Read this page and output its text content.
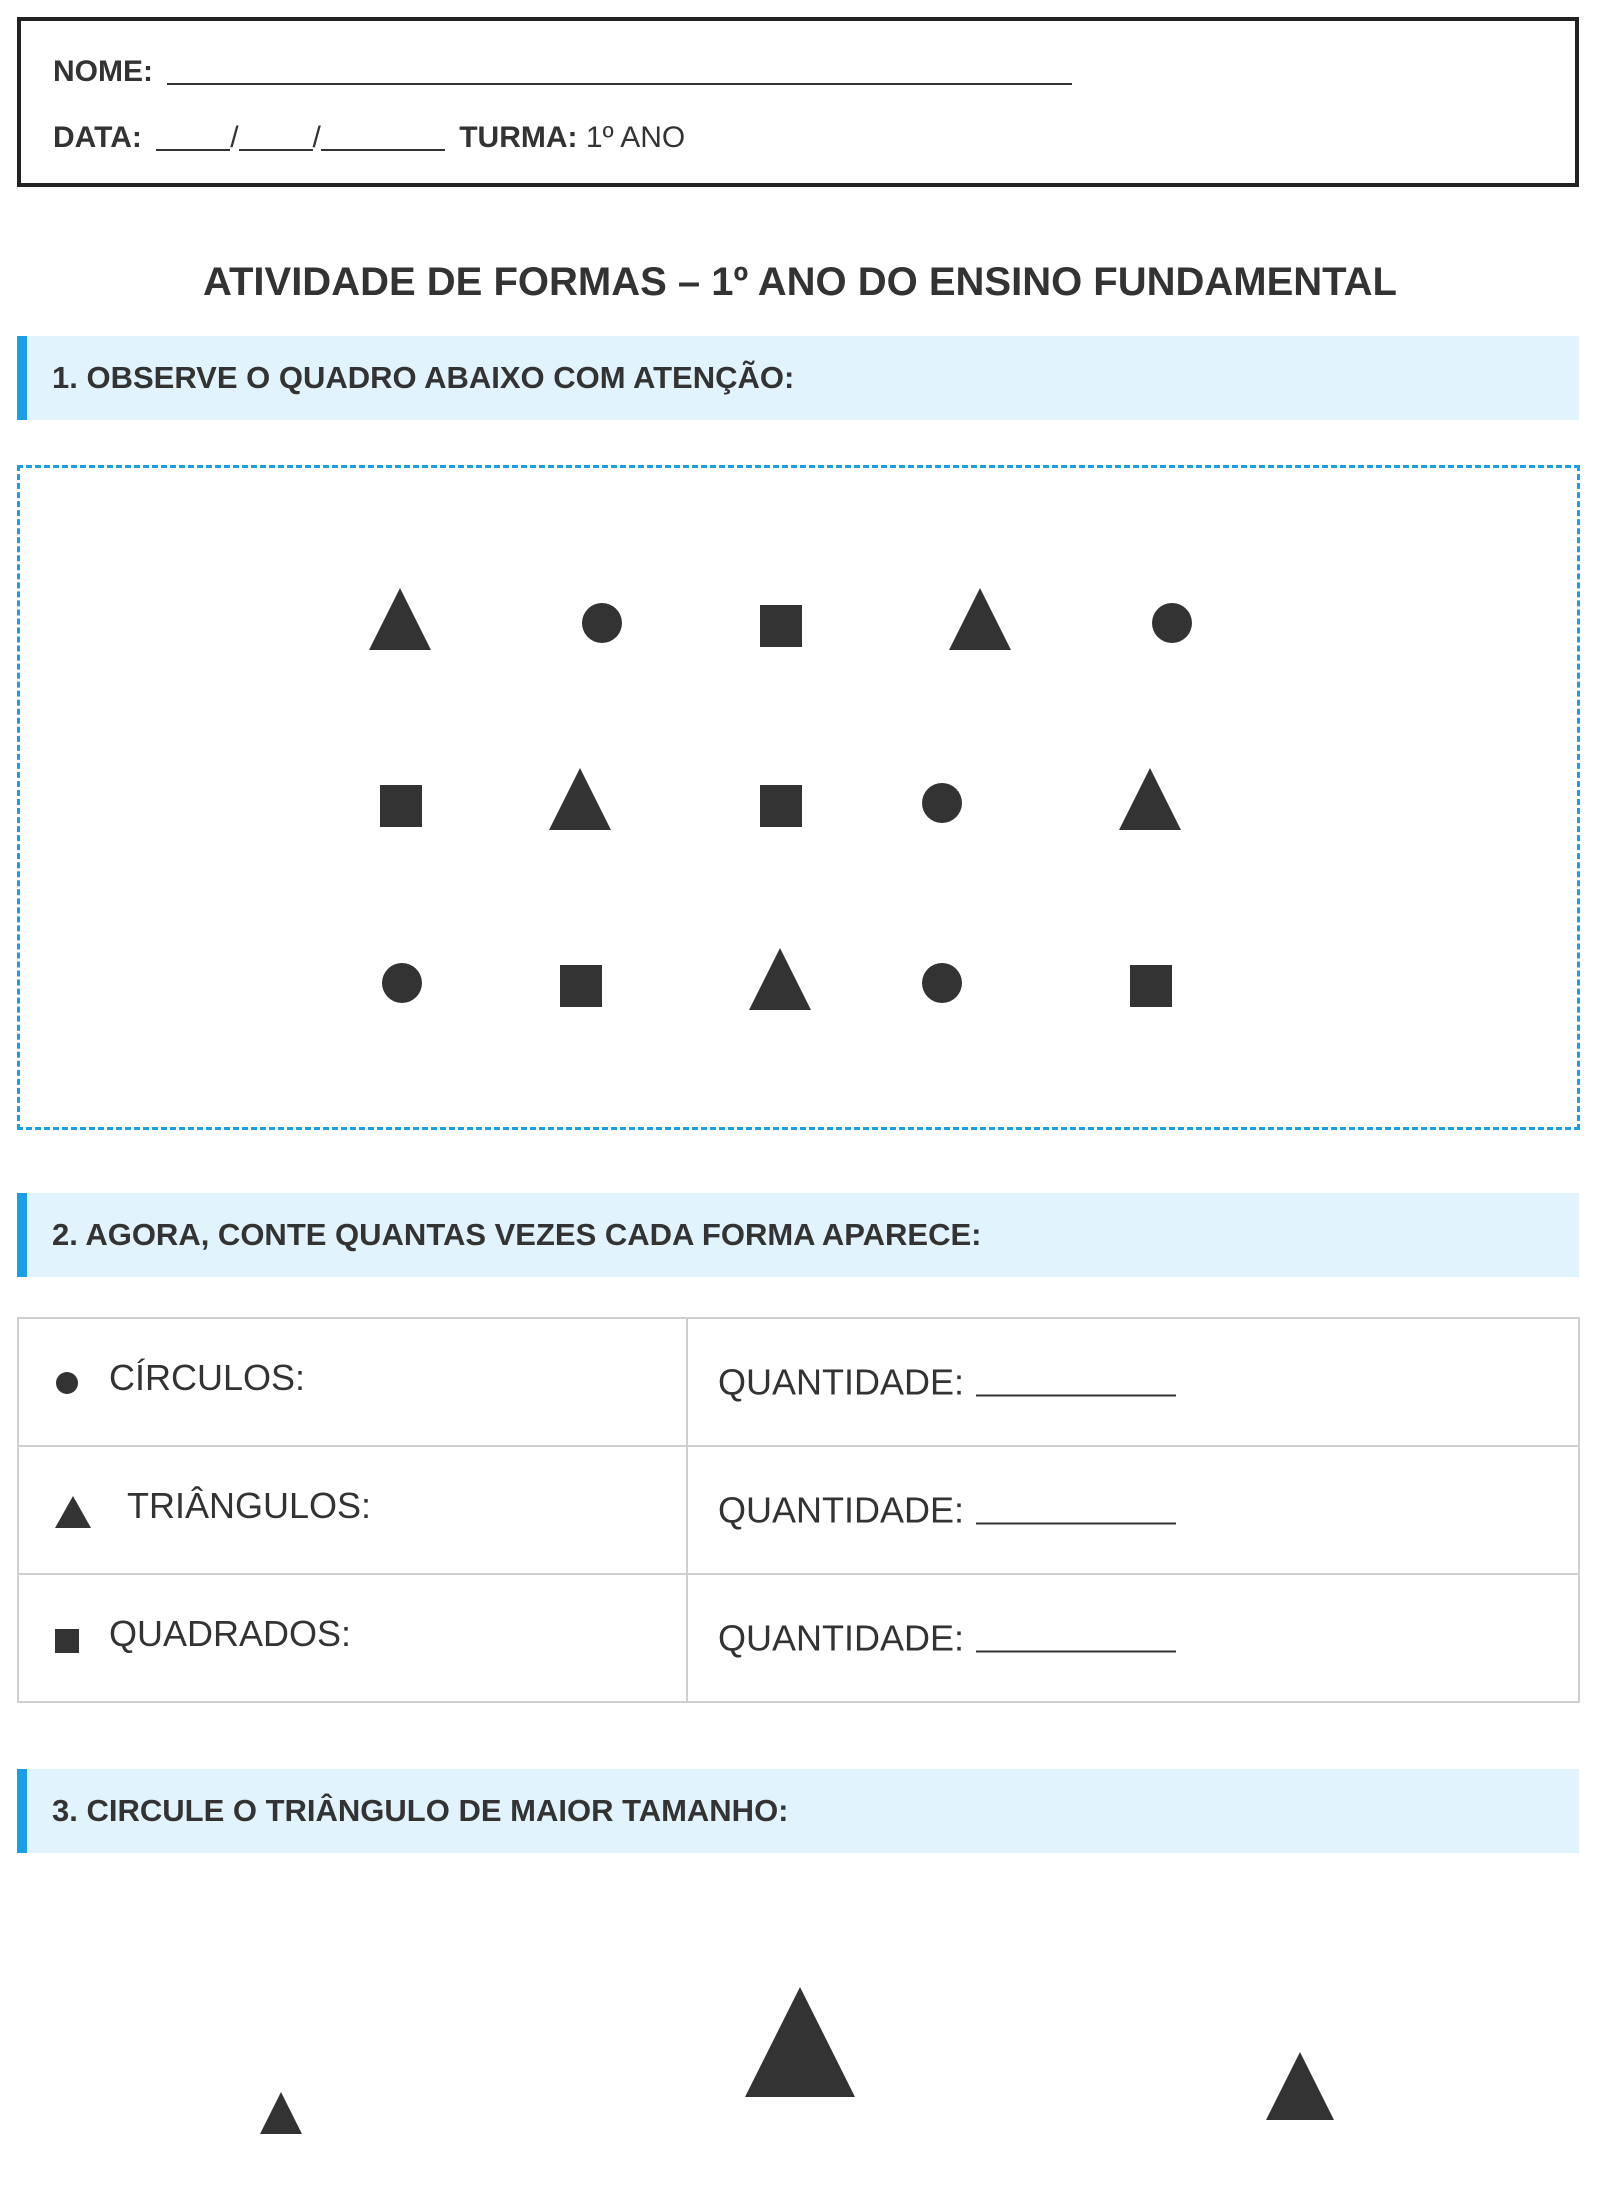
NOME:
DATA:	/ /	TURMA: 1º ANO
ATIVIDADE DE FORMAS – 1º ANO DO ENSINO FUNDAMENTAL
1. OBSERVE O QUADRO ABAIXO COM ATENÇÃO:
2. AGORA, CONTE QUANTAS VEZES CADA FORMA APARECE:
CÍRCULOS:	QUANTIDADE:

TRIÂNGULOS:	QUANTIDADE:

QUADRADOS:	QUANTIDADE:
3. CIRCULE O TRIÂNGULO DE MAIOR TAMANHO:
